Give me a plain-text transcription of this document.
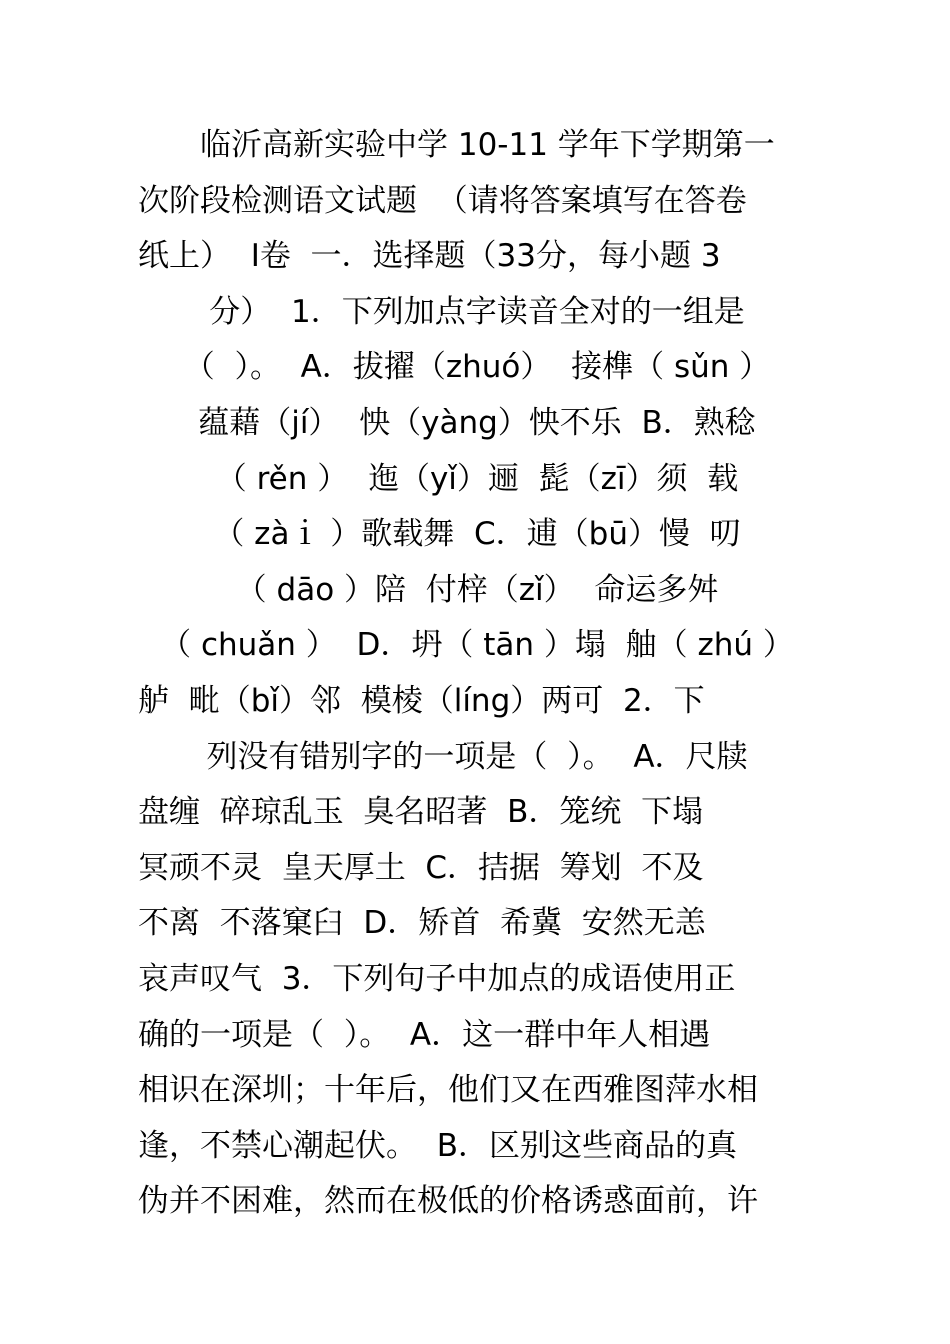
临沂高新实验中学 10-11 学年下学期第一
次阶段检测语文试题  （请将答案填写在答卷
纸上）  Ⅰ卷  一．选择题（33分，每小题 3
分）  1．下列加点字读音全对的一组是
（  ）。  A．拔擢（zhuó）  接榫（ sǔn ）
蕴藉（jí）  怏（yàng）怏不乐  B．熟稔
（ rěn ）  迤（yǐ）逦  髭（zī）须  载
（ zàｉ ）歌载舞  C．逋（bū）慢  叨
（ dāo ）陪  付梓（zǐ）  命运多舛
（ chuǎn ）  D．坍（ tān ）塌  舳（ zhú ）
舻  毗（bǐ）邻  模棱（líng）两可  2．下
列没有错别字的一项是（  ）。  A．尺牍
盘缠  碎琼乱玉  臭名昭著  B．笼统  下塌
冥顽不灵  皇天厚土  C．拮据  筹划  不及
不离  不落窠臼  D．矫首  希冀  安然无恙
哀声叹气  3．下列句子中加点的成语使用正
确的一项是（  ）。  A．这一群中年人相遇
相识在深圳；十年后，他们又在西雅图萍水相
逢，不禁心潮起伏。  B．区别这些商品的真
伪并不困难，然而在极低的价格诱惑面前，许
